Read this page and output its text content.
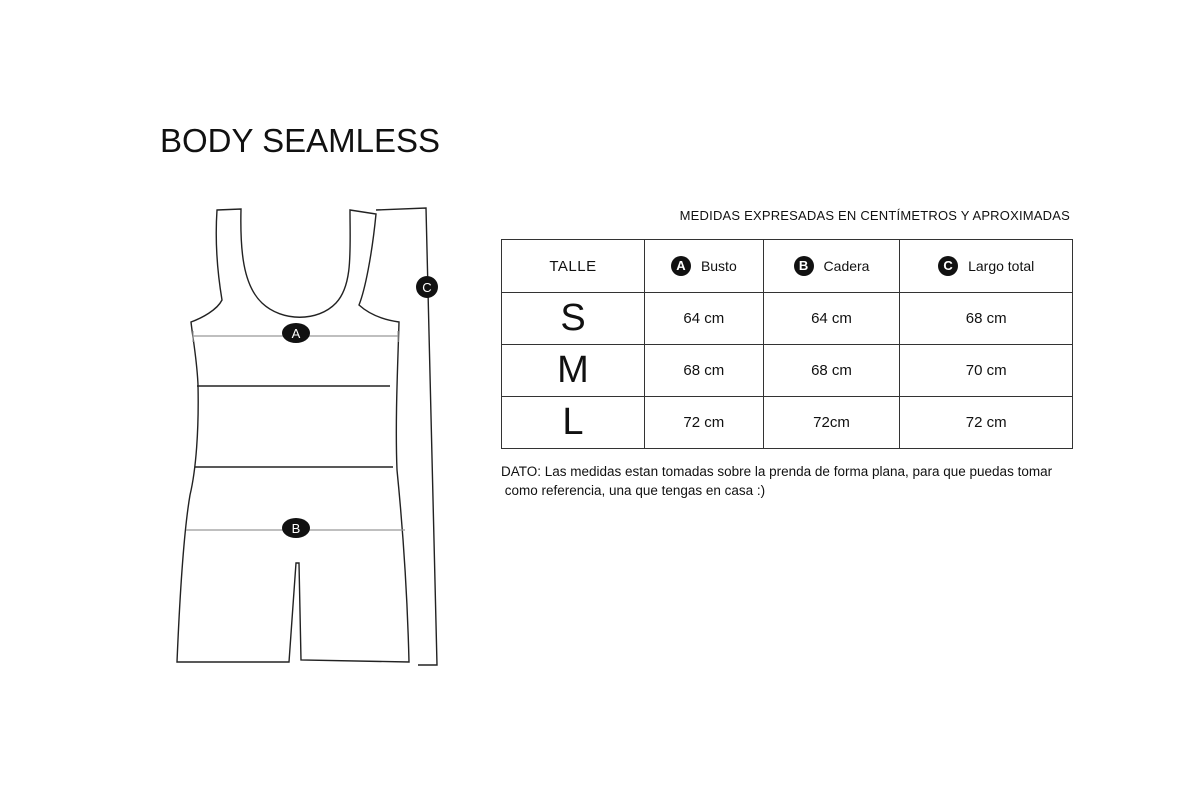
BODY SEAMLESS
A
B
C
MEDIDAS EXPRESADAS EN CENTÍMETROS Y APROXIMADAS
TALLE	A Busto	B Cadera	C Largo total

S	64 cm	64 cm	68 cm

M	68 cm	68 cm	70 cm

L	72 cm	72cm	72 cm
DATO: Las medidas estan tomadas sobre la prenda de forma plana, para que puedas tomar
como referencia, una que tengas en casa :)
